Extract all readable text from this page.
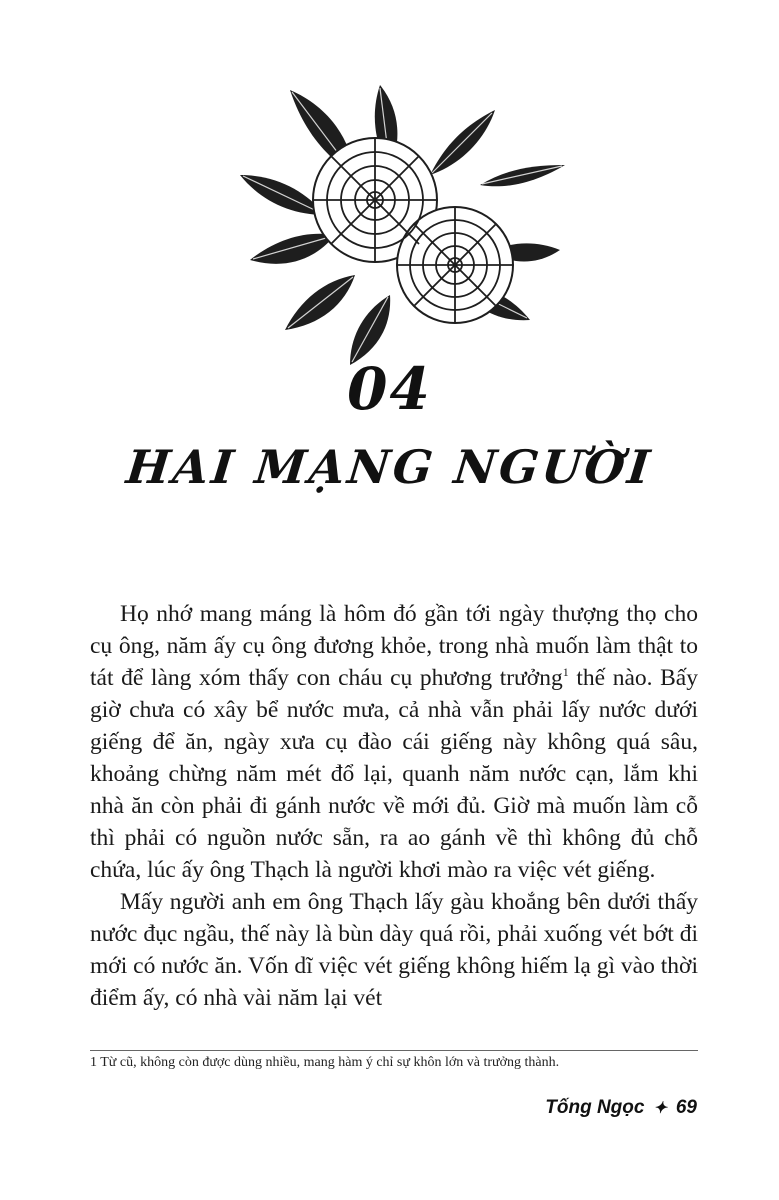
04
HAI MẠNG NGƯỜI

Họ nhớ mang máng là hôm đó gần tới ngày thượng thọ cho cụ ông, năm ấy cụ ông đương khỏe, trong nhà muốn làm thật to tát để làng xóm thấy con cháu cụ phương trưởng$^1$ thế nào. Bấy giờ chưa có xây bể nước mưa, cả nhà vẫn phải lấy nước dưới giếng để ăn, ngày xưa cụ đào cái giếng này không quá sâu, khoảng chừng năm mét đổ lại, quanh năm nước cạn, lắm khi nhà ăn còn phải đi gánh nước về mới đủ. Giờ mà muốn làm cỗ thì phải có nguồn nước sẵn, ra ao gánh về thì không đủ chỗ chứa, lúc ấy ông Thạch là người khơi mào ra việc vét giếng.

Mấy người anh em ông Thạch lấy gàu khoắng bên dưới thấy nước đục ngầu, thế này là bùn dày quá rồi, phải xuống vét bớt đi mới có nước ăn. Vốn dĩ việc vét giếng không hiếm lạ gì vào thời điểm ấy, có nhà vài năm lại vét

1 Từ cũ, không còn được dùng nhiều, mang hàm ý chỉ sự khôn lớn và trưởng thành.
Tống Ngọc ✦ 69
